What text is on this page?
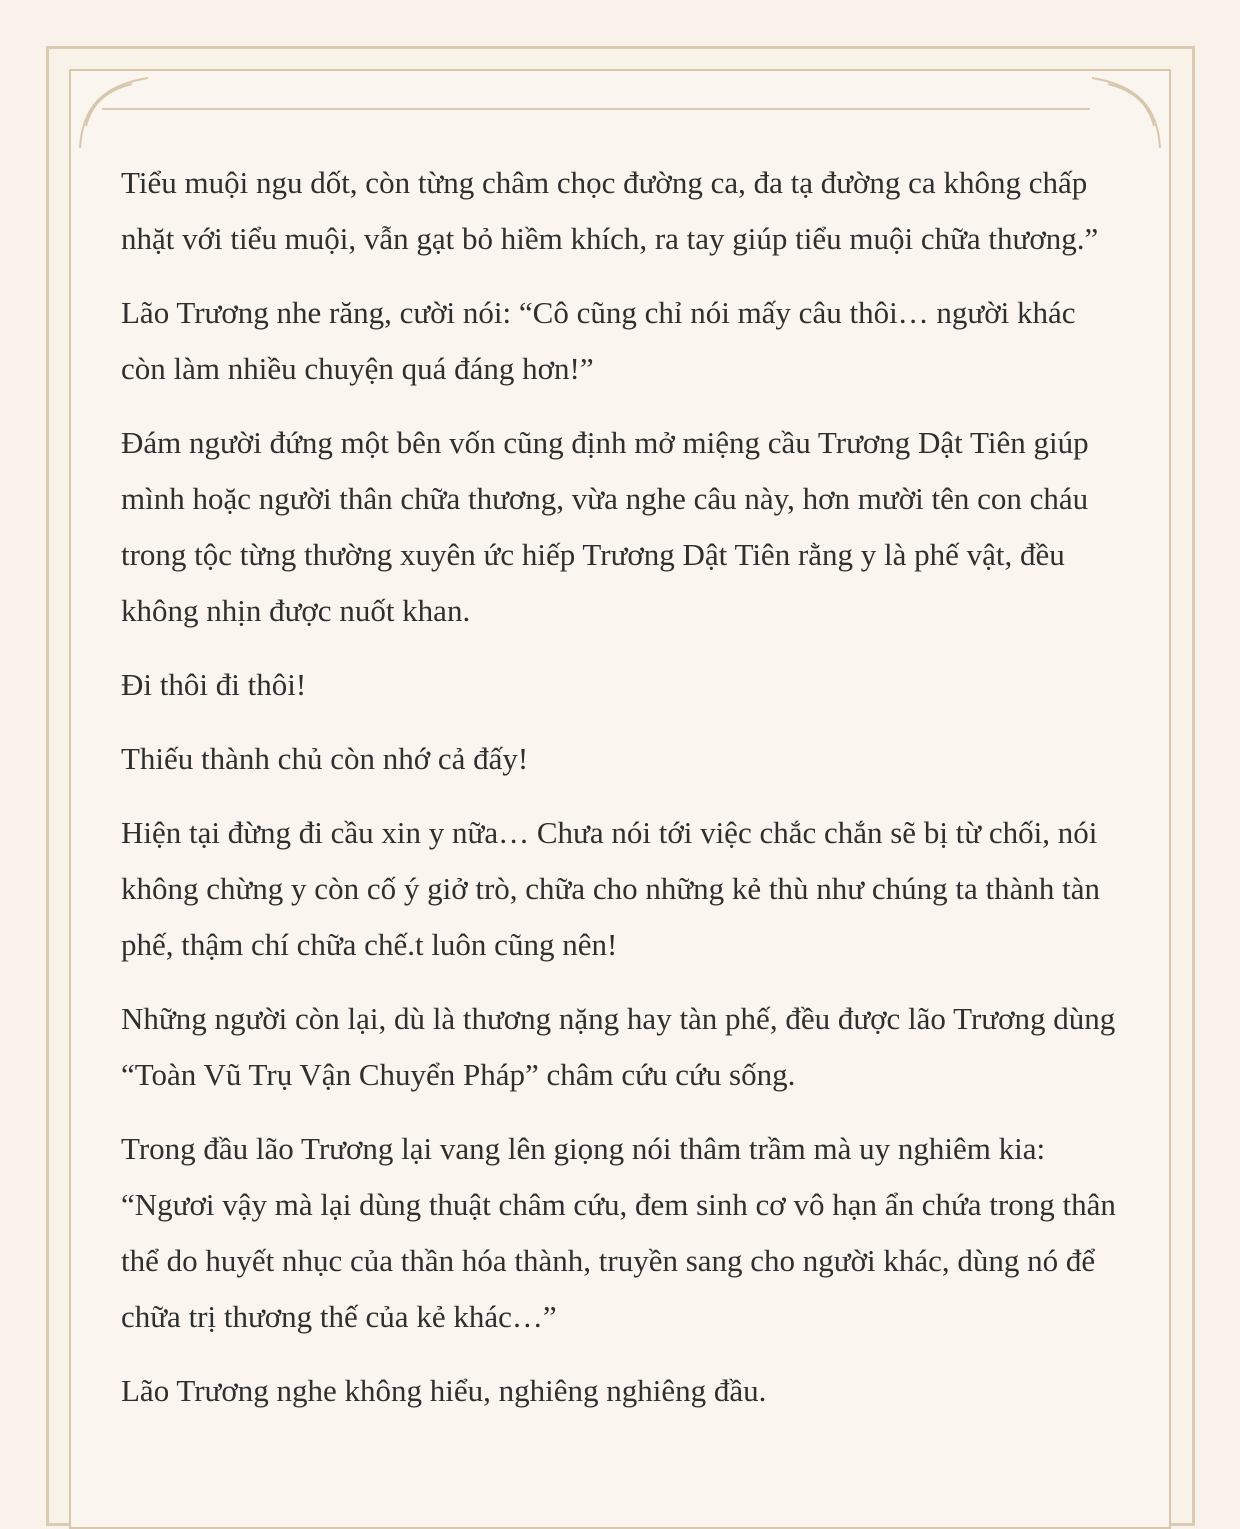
Tiểu muội ngu dốt, còn từng châm chọc đường ca, đa tạ đường ca không chấp nhặt với tiểu muội, vẫn gạt bỏ hiềm khích, ra tay giúp tiểu muội chữa thương.”

Lão Trương nhe răng, cười nói: “Cô cũng chỉ nói mấy câu thôi… người khác còn làm nhiều chuyện quá đáng hơn!”

Đám người đứng một bên vốn cũng định mở miệng cầu Trương Dật Tiên giúp mình hoặc người thân chữa thương, vừa nghe câu này, hơn mười tên con cháu trong tộc từng thường xuyên ức hiếp Trương Dật Tiên rằng y là phế vật, đều không nhịn được nuốt khan.

Đi thôi đi thôi!

Thiếu thành chủ còn nhớ cả đấy!

Hiện tại đừng đi cầu xin y nữa… Chưa nói tới việc chắc chắn sẽ bị từ chối, nói không chừng y còn cố ý giở trò, chữa cho những kẻ thù như chúng ta thành tàn phế, thậm chí chữa chế.t luôn cũng nên!

Những người còn lại, dù là thương nặng hay tàn phế, đều được lão Trương dùng “Toàn Vũ Trụ Vận Chuyển Pháp” châm cứu cứu sống.

Trong đầu lão Trương lại vang lên giọng nói thâm trầm mà uy nghiêm kia: “Ngươi vậy mà lại dùng thuật châm cứu, đem sinh cơ vô hạn ẩn chứa trong thân thể do huyết nhục của thần hóa thành, truyền sang cho người khác, dùng nó để chữa trị thương thế của kẻ khác…”

Lão Trương nghe không hiểu, nghiêng nghiêng đầu.
